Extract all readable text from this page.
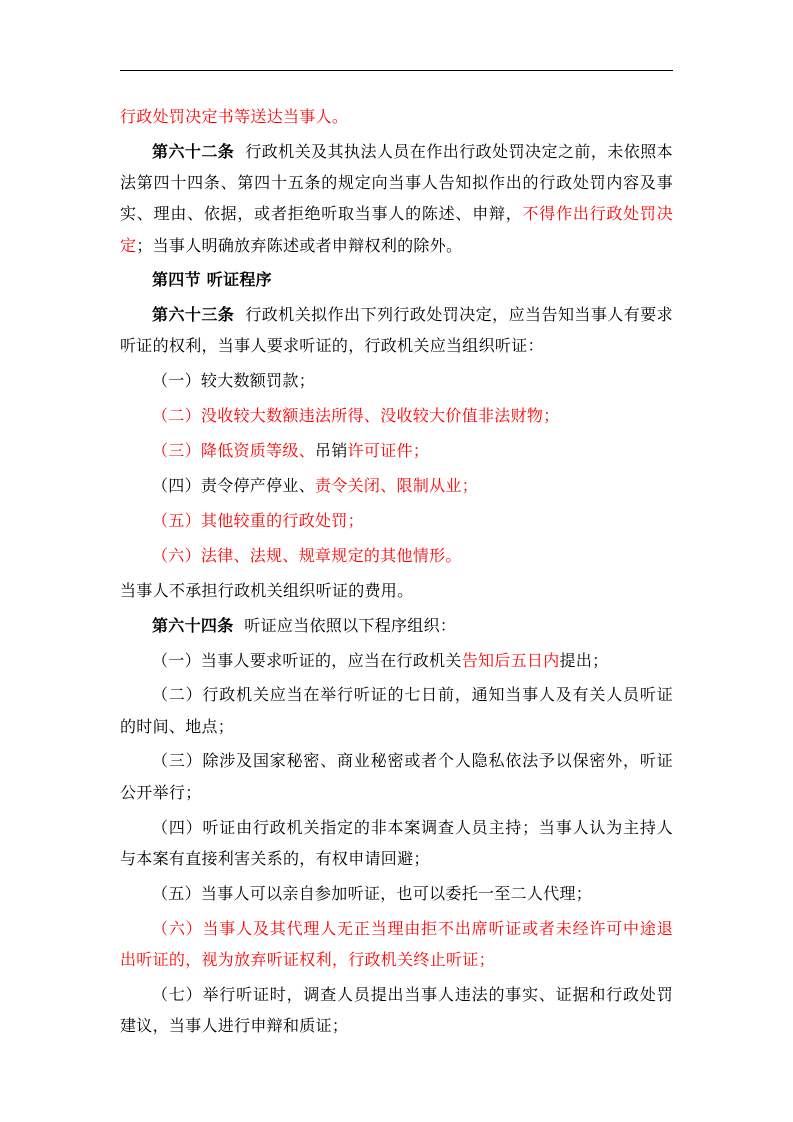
行政处罚决定书等送达当事人。

第六十二条 行政机关及其执法人员在作出行政处罚决定之前，未依照本法第四十四条、第四十五条的规定向当事人告知拟作出的行政处罚内容及事实、理由、依据，或者拒绝听取当事人的陈述、申辩，不得作出行政处罚决定；当事人明确放弃陈述或者申辩权利的除外。

第四节 听证程序

第六十三条 行政机关拟作出下列行政处罚决定，应当告知当事人有要求听证的权利，当事人要求听证的，行政机关应当组织听证：

（一）较大数额罚款；

（二）没收较大数额违法所得、没收较大价值非法财物；

（三）降低资质等级、吊销许可证件；

（四）责令停产停业、责令关闭、限制从业；

（五）其他较重的行政处罚；

（六）法律、法规、规章规定的其他情形。

当事人不承担行政机关组织听证的费用。

第六十四条 听证应当依照以下程序组织：

（一）当事人要求听证的，应当在行政机关告知后五日内提出；

（二）行政机关应当在举行听证的七日前，通知当事人及有关人员听证的时间、地点；

（三）除涉及国家秘密、商业秘密或者个人隐私依法予以保密外，听证公开举行；

（四）听证由行政机关指定的非本案调查人员主持；当事人认为主持人与本案有直接利害关系的，有权申请回避；

（五）当事人可以亲自参加听证，也可以委托一至二人代理；

（六）当事人及其代理人无正当理由拒不出席听证或者未经许可中途退出听证的，视为放弃听证权利，行政机关终止听证；

（七）举行听证时，调查人员提出当事人违法的事实、证据和行政处罚建议，当事人进行申辩和质证；
